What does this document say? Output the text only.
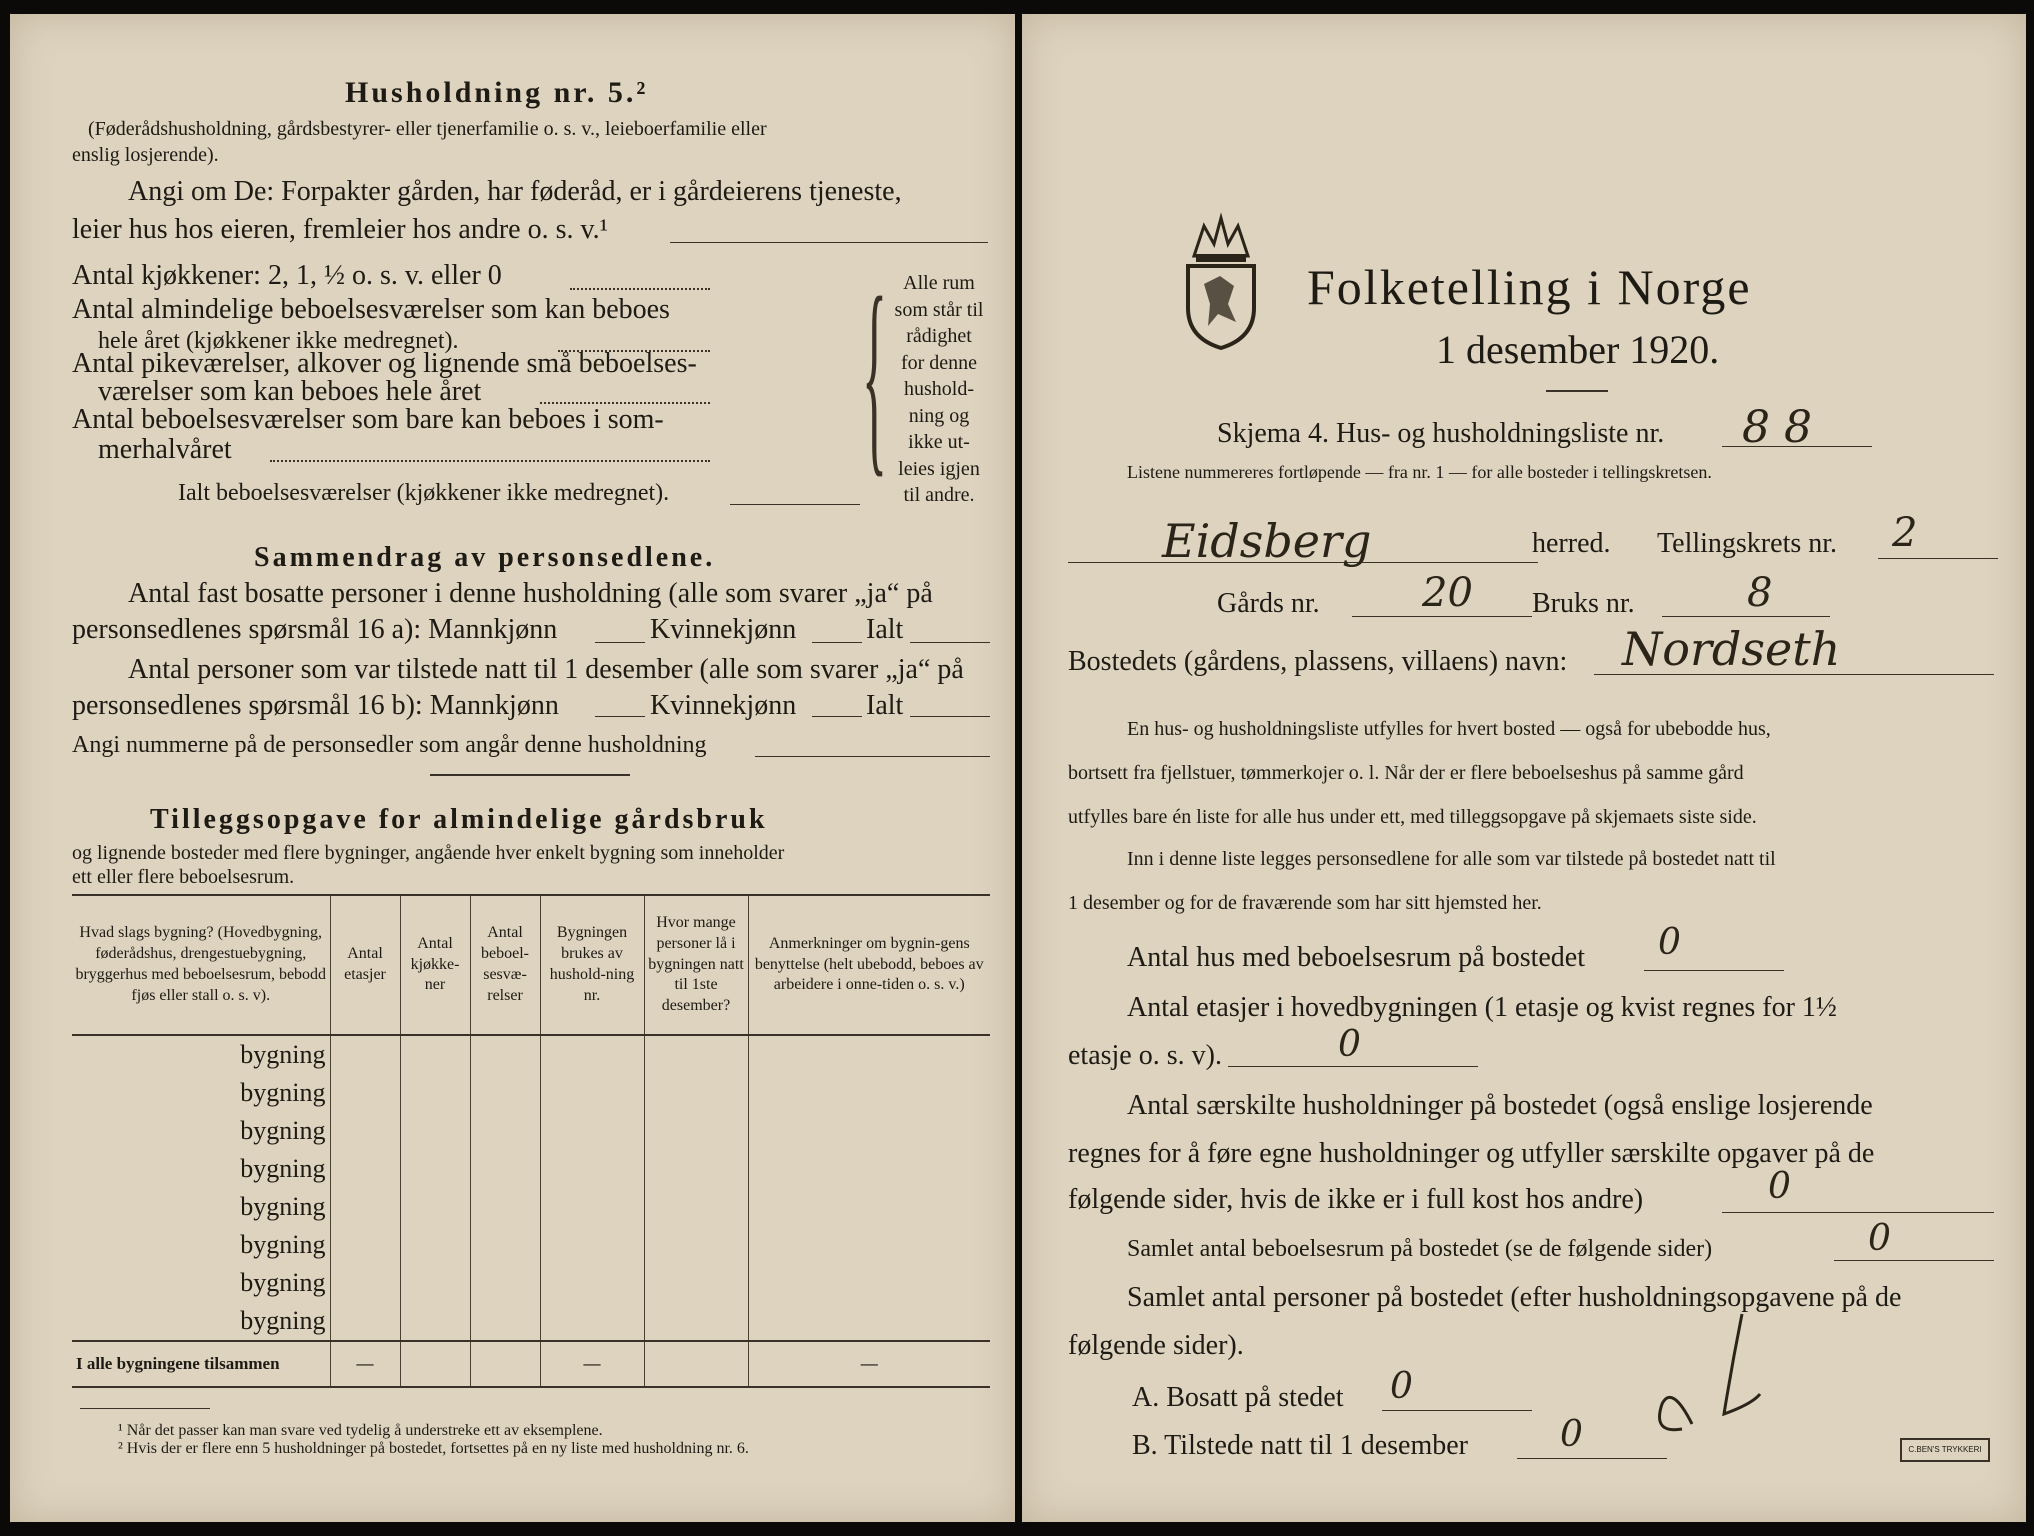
Husholdning nr. 5.²
(Føderådshusholdning, gårdsbestyrer- eller tjenerfamilie o. s. v., leieboerfamilie eller
enslig losjerende).
Angi om De: Forpakter gården, har føderåd, er i gårdeierens tjeneste,
leier hus hos eieren, fremleier hos andre o. s. v.¹
Antal kjøkkener: 2, 1, ½ o. s. v. eller 0
Antal almindelige beboelsesværelser som kan beboes
hele året (kjøkkener ikke medregnet).
Antal pikeværelser, alkover og lignende små beboelses-
værelser som kan beboes hele året
Antal beboelsesværelser som bare kan beboes i som-
merhalvåret
Ialt beboelsesværelser (kjøkkener ikke medregnet).	{ Alle rum
som står til
rådighet
for denne
hushold-
ning og
ikke ut-
leies igjen
til andre.
Sammendrag av personsedlene.
Antal fast bosatte personer i denne husholdning (alle som svarer „ja“ på
personsedlenes spørsmål 16 a): Mannkjønn	Kvinnekjønn Ialt
Antal personer som var tilstede natt til 1 desember (alle som svarer „ja“ på
personsedlenes spørsmål 16 b): Mannkjønn	Kvinnekjønn Ialt
Angi nummerne på de personsedler som angår denne husholdning
Tilleggsopgave for almindelige gårdsbruk
og lignende bosteder med flere bygninger, angående hver enkelt bygning som inneholder
ett eller flere beboelsesrum.
Hvad slags bygning? (Hovedbygning, føderådshus, drengestuebygning, bryggerhus med beboelsesrum, bebodd fjøs eller stall o. s. v).	Antal etasjer	Antal kjøkke-ner	Antal beboel-sesvæ-relser	Bygningen brukes av hushold-ning nr.	Hvor mange personer lå i bygningen natt til 1ste desember?	Anmerkninger om bygnin-gens benyttelse (helt ubebodd, beboes av arbeidere i onne-tiden o. s. v.)
bygning						
bygning						
bygning						
bygning						
bygning						
bygning						
bygning						
bygning						
I alle bygningene tilsammen	—			—		—
¹ Når det passer kan man svare ved tydelig å understreke ett av eksemplene.
² Hvis der er flere enn 5 husholdninger på bostedet, fortsettes på en ny liste med husholdning nr. 6.
Folketelling i Norge
1 desember 1920.
Skjema 4. Hus- og husholdningsliste nr. 8 8
Listene nummereres fortløpende — fra nr. 1 — for alle bosteder i tellingskretsen.
Eidsberg	herred. Tellingskrets nr. 2
Gårds nr.	20 Bruks nr.	8
Bostedets (gårdens, plassens, villaens) navn: Nordseth
En hus- og husholdningsliste utfylles for hvert bosted — også for ubebodde hus,
bortsett fra fjellstuer, tømmerkojer o. l. Når der er flere beboelseshus på samme gård
utfylles bare én liste for alle hus under ett, med tilleggsopgave på skjemaets siste side.
Inn i denne liste legges personsedlene for alle som var tilstede på bostedet natt til
1 desember og for de fraværende som har sitt hjemsted her.
Antal hus med beboelsesrum på bostedet 0
Antal etasjer i hovedbygningen (1 etasje og kvist regnes for 1½
etasje o. s. v).	0
Antal særskilte husholdninger på bostedet (også enslige losjerende
regnes for å føre egne husholdninger og utfyller særskilte opgaver på de
følgende sider, hvis de ikke er i full kost hos andre)	0
Samlet antal beboelsesrum på bostedet (se de følgende sider)	0
Samlet antal personer på bostedet (efter husholdningsopgavene på de
følgende sider).
A. Bosatt på stedet 0
B. Tilstede natt til 1 desember	0	C.BEN'S TRYKKERI
